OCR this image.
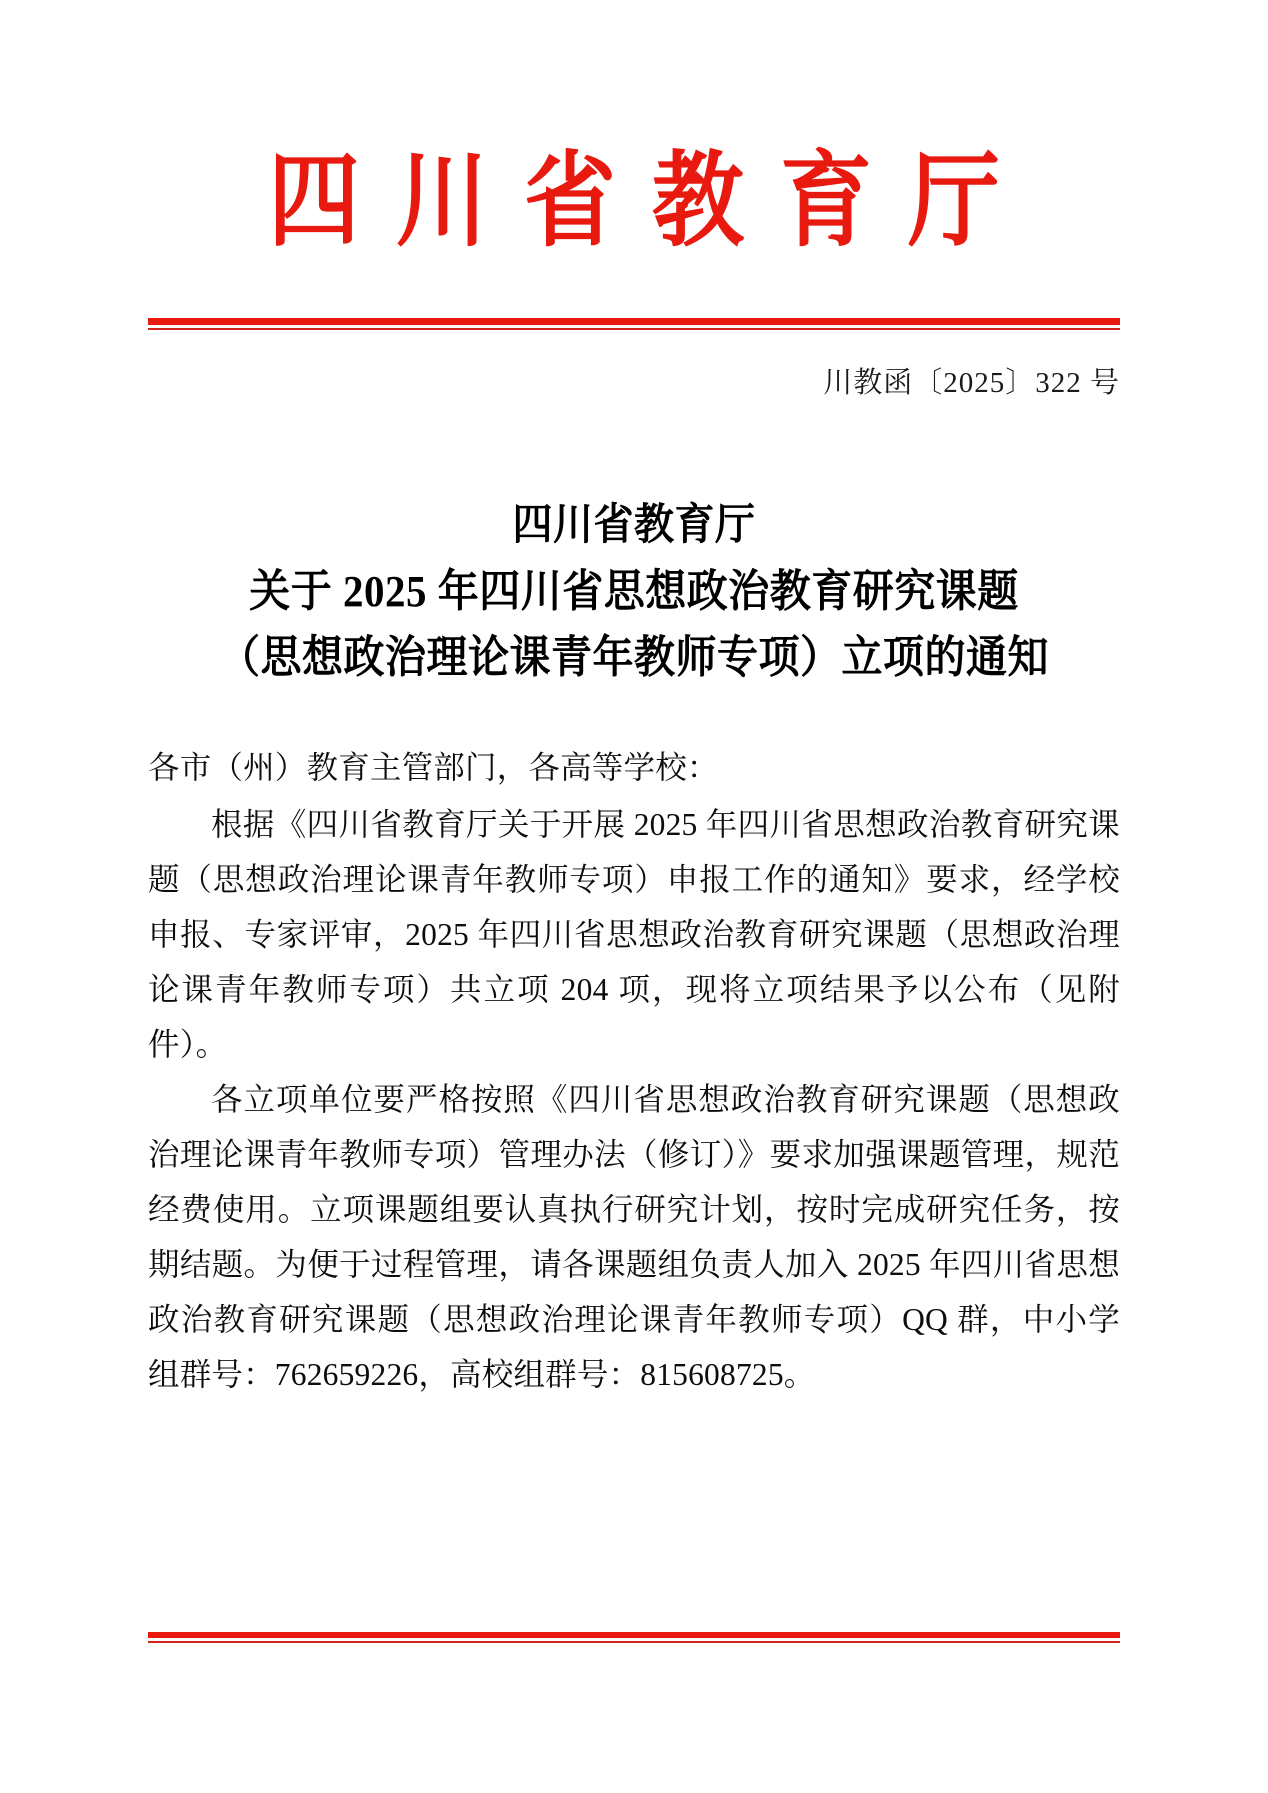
四川省教育厅
川教函〔2025〕322 号
四川省教育厅
关于 2025 年四川省思想政治教育研究课题
（思想政治理论课青年教师专项）立项的通知

各市（州）教育主管部门，各高等学校：

根据《四川省教育厅关于开展 2025 年四川省思想政治教育研究课题（思想政治理论课青年教师专项）申报工作的通知》要求，经学校申报、专家评审，2025 年四川省思想政治教育研究课题（思想政治理论课青年教师专项）共立项 204 项，现将立项结果予以公布（见附件）。

各立项单位要严格按照《四川省思想政治教育研究课题（思想政治理论课青年教师专项）管理办法（修订）》要求加强课题管理，规范经费使用。立项课题组要认真执行研究计划，按时完成研究任务，按期结题。为便于过程管理，请各课题组负责人加入 2025 年四川省思想政治教育研究课题（思想政治理论课青年教师专项）QQ 群，中小学组群号：762659226，高校组群号：815608725。
